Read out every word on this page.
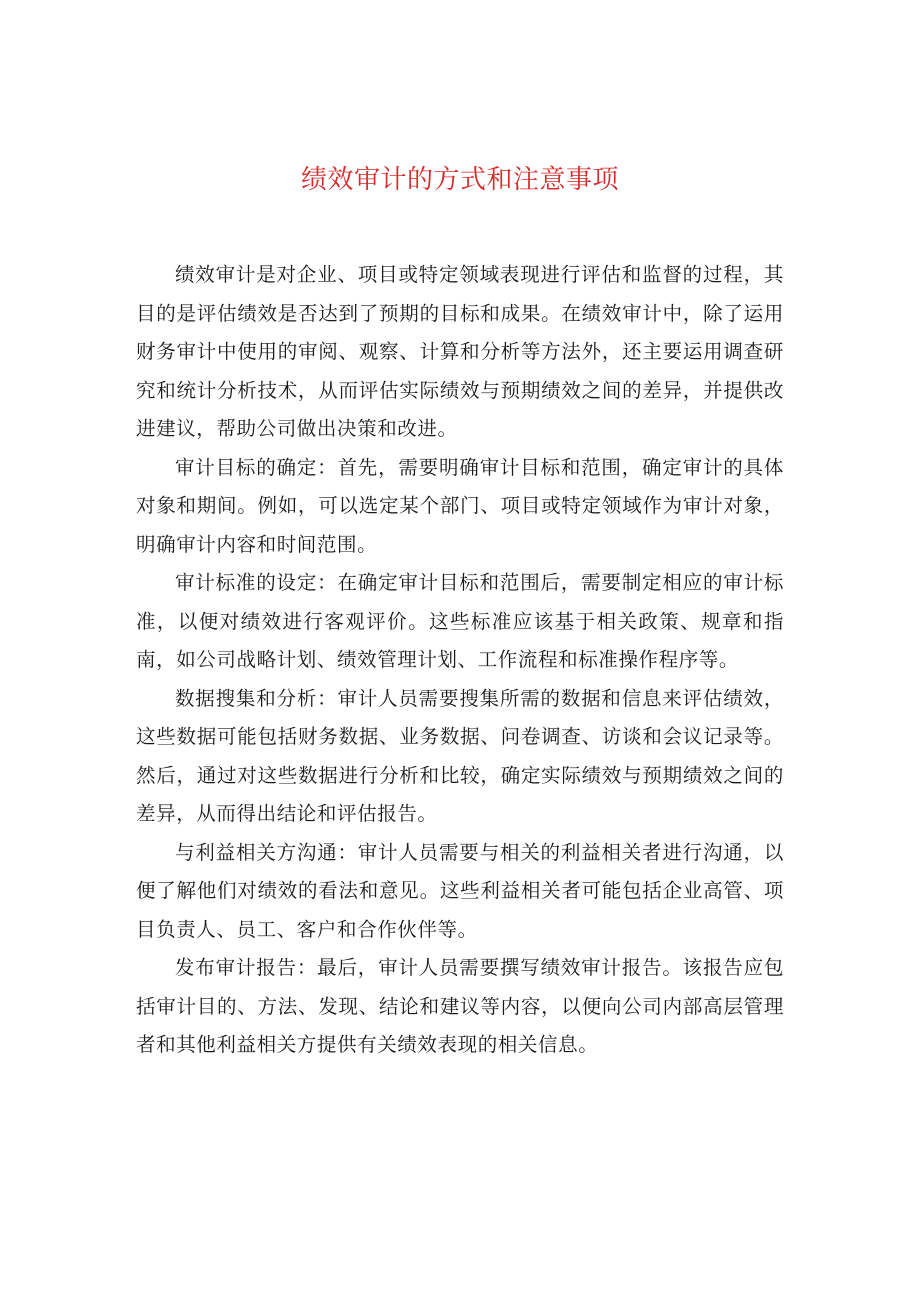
绩效审计的方式和注意事项

绩效审计是对企业、项目或特定领域表现进行评估和监督的过程，其目的是评估绩效是否达到了预期的目标和成果。在绩效审计中，除了运用财务审计中使用的审阅、观察、计算和分析等方法外，还主要运用调查研究和统计分析技术，从而评估实际绩效与预期绩效之间的差异，并提供改进建议，帮助公司做出决策和改进。

审计目标的确定：首先，需要明确审计目标和范围，确定审计的具体对象和期间。例如，可以选定某个部门、项目或特定领域作为审计对象，明确审计内容和时间范围。

审计标准的设定：在确定审计目标和范围后，需要制定相应的审计标准，以便对绩效进行客观评价。这些标准应该基于相关政策、规章和指南，如公司战略计划、绩效管理计划、工作流程和标准操作程序等。

数据搜集和分析：审计人员需要搜集所需的数据和信息来评估绩效，这些数据可能包括财务数据、业务数据、问卷调查、访谈和会议记录等。然后，通过对这些数据进行分析和比较，确定实际绩效与预期绩效之间的差异，从而得出结论和评估报告。

与利益相关方沟通：审计人员需要与相关的利益相关者进行沟通，以便了解他们对绩效的看法和意见。这些利益相关者可能包括企业高管、项目负责人、员工、客户和合作伙伴等。

发布审计报告：最后，审计人员需要撰写绩效审计报告。该报告应包括审计目的、方法、发现、结论和建议等内容，以便向公司内部高层管理者和其他利益相关方提供有关绩效表现的相关信息。
